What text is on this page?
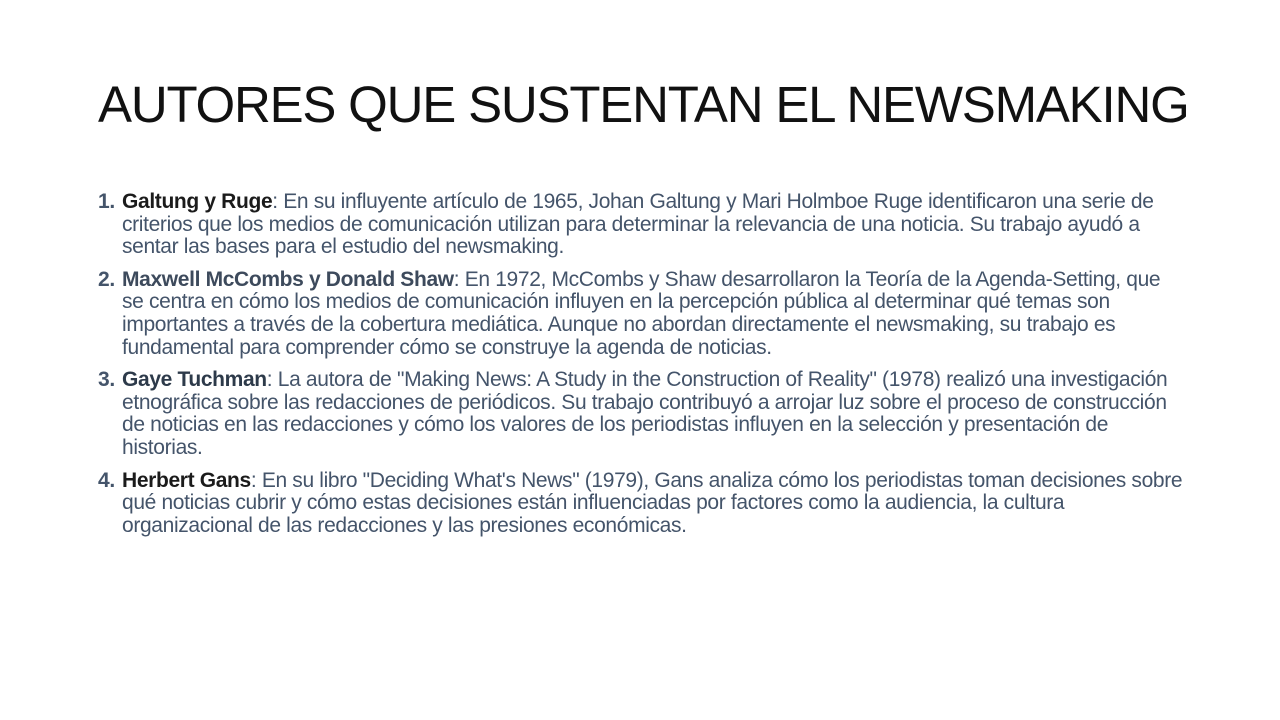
AUTORES QUE SUSTENTAN EL NEWSMAKING
1. Galtung y Ruge: En su influyente artículo de 1965, Johan Galtung y Mari Holmboe Ruge identificaron una serie de criterios que los medios de comunicación utilizan para determinar la relevancia de una noticia. Su trabajo ayudó a sentar las bases para el estudio del newsmaking.
2. Maxwell McCombs y Donald Shaw: En 1972, McCombs y Shaw desarrollaron la Teoría de la Agenda-Setting, que se centra en cómo los medios de comunicación influyen en la percepción pública al determinar qué temas son importantes a través de la cobertura mediática. Aunque no abordan directamente el newsmaking, su trabajo es fundamental para comprender cómo se construye la agenda de noticias.
3. Gaye Tuchman: La autora de "Making News: A Study in the Construction of Reality" (1978) realizó una investigación etnográfica sobre las redacciones de periódicos. Su trabajo contribuyó a arrojar luz sobre el proceso de construcción de noticias en las redacciones y cómo los valores de los periodistas influyen en la selección y presentación de historias.
4. Herbert Gans: En su libro "Deciding What's News" (1979), Gans analiza cómo los periodistas toman decisiones sobre qué noticias cubrir y cómo estas decisiones están influenciadas por factores como la audiencia, la cultura organizacional de las redacciones y las presiones económicas.
